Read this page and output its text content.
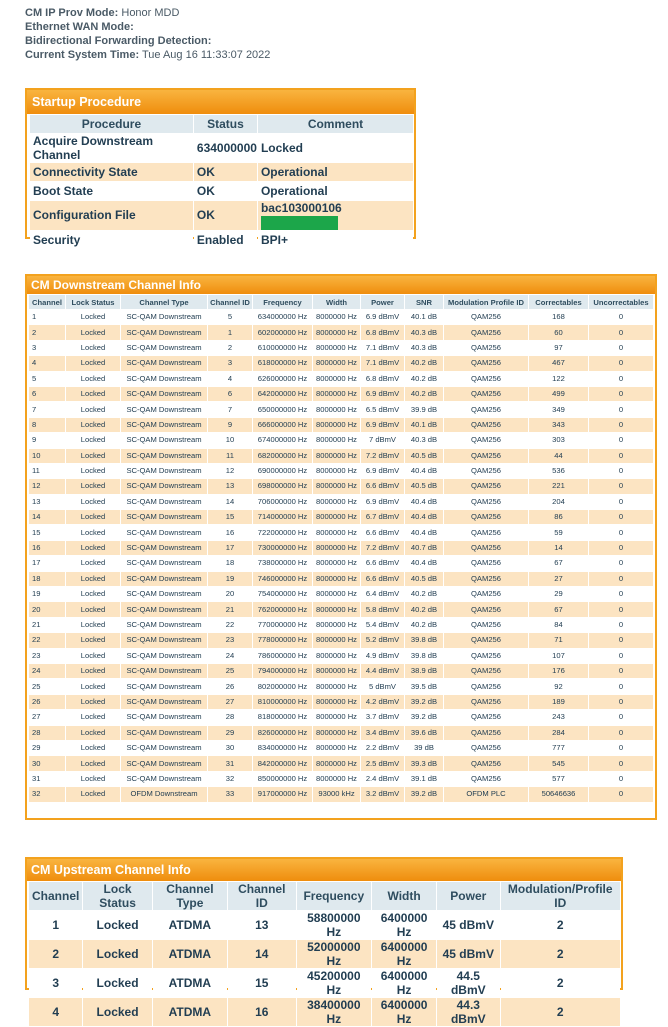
CM IP Prov Mode: Honor MDD
Ethernet WAN Mode:
Bidirectional Forwarding Detection:
Current System Time: Tue Aug 16 11:33:07 2022
Startup Procedure
Procedure	Status	Comment
Acquire Downstream Channel	634000000	Locked
Connectivity State	OK	Operational
Boot State	OK	Operational
Configuration File	OK	bac103000106
Security	Enabled	BPI+
CM Downstream Channel Info
Channel	Lock Status	Channel Type	Channel ID	Frequency	Width	Power	SNR	Modulation Profile ID	Correctables	Uncorrectables
1	Locked	SC-QAM Downstream	5	634000000 Hz	8000000 Hz	6.9 dBmV	40.1 dB	QAM256	168	0
2	Locked	SC-QAM Downstream	1	602000000 Hz	8000000 Hz	6.8 dBmV	40.3 dB	QAM256	60	0
3	Locked	SC-QAM Downstream	2	610000000 Hz	8000000 Hz	7.1 dBmV	40.3 dB	QAM256	97	0
4	Locked	SC-QAM Downstream	3	618000000 Hz	8000000 Hz	7.1 dBmV	40.2 dB	QAM256	467	0
5	Locked	SC-QAM Downstream	4	626000000 Hz	8000000 Hz	6.8 dBmV	40.2 dB	QAM256	122	0
6	Locked	SC-QAM Downstream	6	642000000 Hz	8000000 Hz	6.9 dBmV	40.2 dB	QAM256	499	0
7	Locked	SC-QAM Downstream	7	650000000 Hz	8000000 Hz	6.5 dBmV	39.9 dB	QAM256	349	0
8	Locked	SC-QAM Downstream	9	666000000 Hz	8000000 Hz	6.9 dBmV	40.1 dB	QAM256	343	0
9	Locked	SC-QAM Downstream	10	674000000 Hz	8000000 Hz	7 dBmV	40.3 dB	QAM256	303	0
10	Locked	SC-QAM Downstream	11	682000000 Hz	8000000 Hz	7.2 dBmV	40.5 dB	QAM256	44	0
11	Locked	SC-QAM Downstream	12	690000000 Hz	8000000 Hz	6.9 dBmV	40.4 dB	QAM256	536	0
12	Locked	SC-QAM Downstream	13	698000000 Hz	8000000 Hz	6.6 dBmV	40.5 dB	QAM256	221	0
13	Locked	SC-QAM Downstream	14	706000000 Hz	8000000 Hz	6.9 dBmV	40.4 dB	QAM256	204	0
14	Locked	SC-QAM Downstream	15	714000000 Hz	8000000 Hz	6.7 dBmV	40.4 dB	QAM256	86	0
15	Locked	SC-QAM Downstream	16	722000000 Hz	8000000 Hz	6.6 dBmV	40.4 dB	QAM256	59	0
16	Locked	SC-QAM Downstream	17	730000000 Hz	8000000 Hz	7.2 dBmV	40.7 dB	QAM256	14	0
17	Locked	SC-QAM Downstream	18	738000000 Hz	8000000 Hz	6.6 dBmV	40.4 dB	QAM256	67	0
18	Locked	SC-QAM Downstream	19	746000000 Hz	8000000 Hz	6.6 dBmV	40.5 dB	QAM256	27	0
19	Locked	SC-QAM Downstream	20	754000000 Hz	8000000 Hz	6.4 dBmV	40.2 dB	QAM256	29	0
20	Locked	SC-QAM Downstream	21	762000000 Hz	8000000 Hz	5.8 dBmV	40.2 dB	QAM256	67	0
21	Locked	SC-QAM Downstream	22	770000000 Hz	8000000 Hz	5.4 dBmV	40.2 dB	QAM256	84	0
22	Locked	SC-QAM Downstream	23	778000000 Hz	8000000 Hz	5.2 dBmV	39.8 dB	QAM256	71	0
23	Locked	SC-QAM Downstream	24	786000000 Hz	8000000 Hz	4.9 dBmV	39.8 dB	QAM256	107	0
24	Locked	SC-QAM Downstream	25	794000000 Hz	8000000 Hz	4.4 dBmV	38.9 dB	QAM256	176	0
25	Locked	SC-QAM Downstream	26	802000000 Hz	8000000 Hz	5 dBmV	39.5 dB	QAM256	92	0
26	Locked	SC-QAM Downstream	27	810000000 Hz	8000000 Hz	4.2 dBmV	39.2 dB	QAM256	189	0
27	Locked	SC-QAM Downstream	28	818000000 Hz	8000000 Hz	3.7 dBmV	39.2 dB	QAM256	243	0
28	Locked	SC-QAM Downstream	29	826000000 Hz	8000000 Hz	3.4 dBmV	39.6 dB	QAM256	284	0
29	Locked	SC-QAM Downstream	30	834000000 Hz	8000000 Hz	2.2 dBmV	39 dB	QAM256	777	0
30	Locked	SC-QAM Downstream	31	842000000 Hz	8000000 Hz	2.5 dBmV	39.3 dB	QAM256	545	0
31	Locked	SC-QAM Downstream	32	850000000 Hz	8000000 Hz	2.4 dBmV	39.1 dB	QAM256	577	0
32	Locked	OFDM Downstream	33	917000000 Hz	93000 kHz	3.2 dBmV	39.2 dB	OFDM PLC	50646636	0
CM Upstream Channel Info
Channel	Lock Status	Channel Type	Channel ID	Frequency	Width	Power	Modulation/Profile ID
1	Locked	ATDMA	13	58800000 Hz	6400000 Hz	45 dBmV	2
2	Locked	ATDMA	14	52000000 Hz	6400000 Hz	45 dBmV	2
3	Locked	ATDMA	15	45200000 Hz	6400000 Hz	44.5 dBmV	2
4	Locked	ATDMA	16	38400000 Hz	6400000 Hz	44.3 dBmV	2
